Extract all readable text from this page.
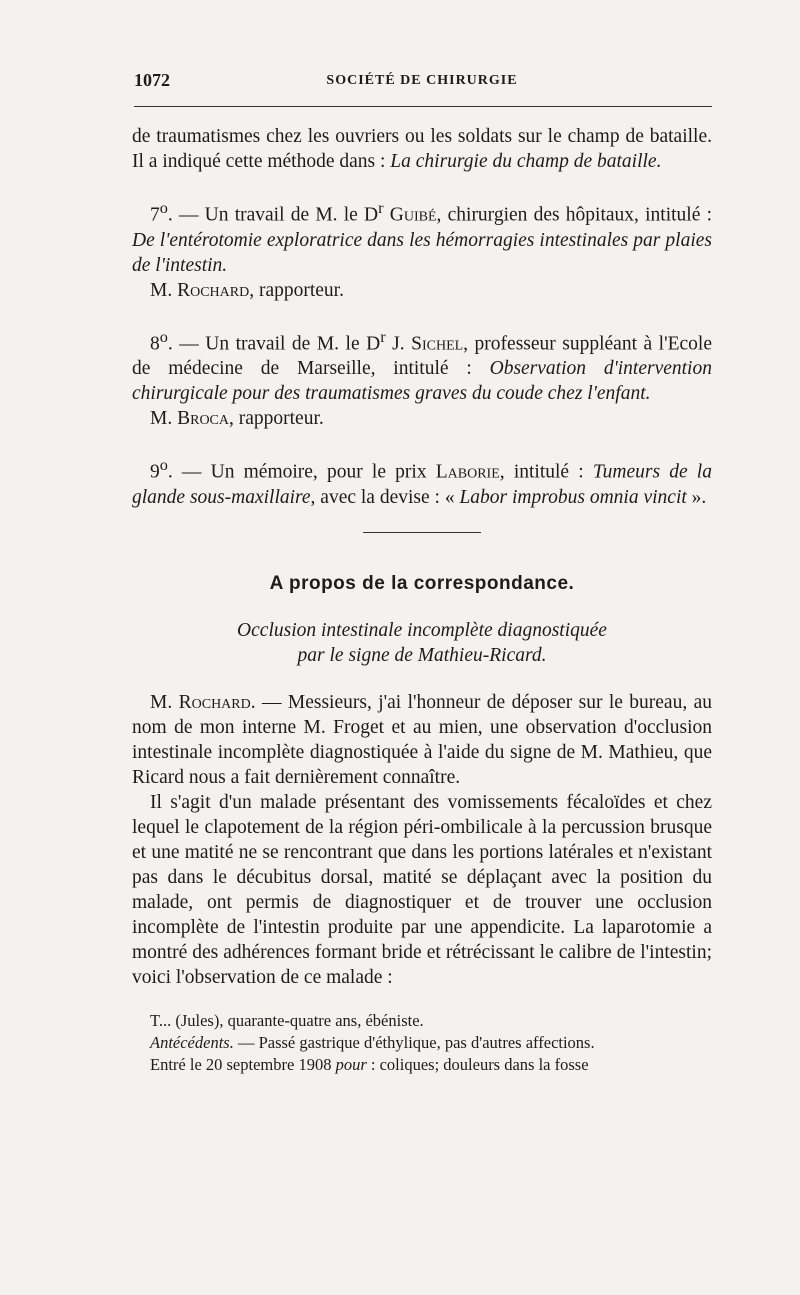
1072	SOCIÉTÉ DE CHIRURGIE

de traumatismes chez les ouvriers ou les soldats sur le champ de bataille. Il a indiqué cette méthode dans : La chirurgie du champ de bataille.

7$^o$. — Un travail de M. le $D^r$ Guibé, chirurgien des hôpitaux, intitulé : De l'entérotomie exploratrice dans les hémorragies intestinales par plaies de l'intestin.

M. Rochard, rapporteur.

8$^o$. — Un travail de M. le $D^r$ J. Sichel, professeur suppléant à l'Ecole de médecine de Marseille, intitulé : Observation d'intervention chirurgicale pour des traumatismes graves du coude chez l'enfant.

M. Broca, rapporteur.

9$^o$. — Un mémoire, pour le prix Laborie, intitulé : Tumeurs de la glande sous-maxillaire, avec la devise : « Labor improbus omnia vincit ».

A propos de la correspondance.
Occlusion intestinale incomplète diagnostiquée
par le signe de Mathieu-Ricard.

M. Rochard. — Messieurs, j'ai l'honneur de déposer sur le bureau, au nom de mon interne M. Froget et au mien, une observation d'occlusion intestinale incomplète diagnostiquée à l'aide du signe de M. Mathieu, que Ricard nous a fait dernièrement connaître.

Il s'agit d'un malade présentant des vomissements fécaloïdes et chez lequel le clapotement de la région péri-ombilicale à la percussion brusque et une matité ne se rencontrant que dans les portions latérales et n'existant pas dans le décubitus dorsal, matité se déplaçant avec la position du malade, ont permis de diagnostiquer et de trouver une occlusion incomplète de l'intestin produite par une appendicite. La laparotomie a montré des adhérences formant bride et rétrécissant le calibre de l'intestin; voici l'observation de ce malade :

T... (Jules), quarante-quatre ans, ébéniste.

Antécédents. — Passé gastrique d'éthylique, pas d'autres affections.

Entré le 20 septembre 1908 pour : coliques; douleurs dans la fosse
